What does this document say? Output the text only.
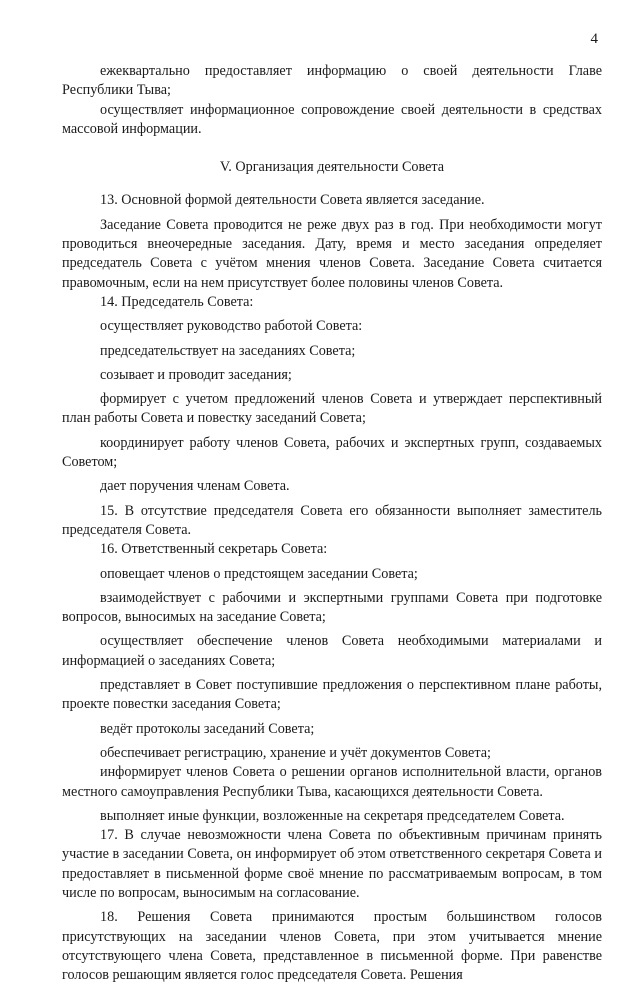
4

ежеквартально предоставляет информацию о своей деятельности Главе Республики Тыва;

осуществляет информационное сопровождение своей деятельности в средствах массовой информации.

V. Организация деятельности Совета

13. Основной формой деятельности Совета является заседание.

Заседание Совета проводится не реже двух раз в год. При необходимости могут проводиться внеочередные заседания. Дату, время и место заседания определяет председатель Совета с учётом мнения членов Совета. Заседание Совета считается правомочным, если на нем присутствует более половины членов Совета.

14. Председатель Совета:

осуществляет руководство работой Совета:

председательствует на заседаниях Совета;

созывает и проводит заседания;

формирует с учетом предложений членов Совета и утверждает перспективный план работы Совета и повестку заседаний Совета;

координирует работу членов Совета, рабочих и экспертных групп, создаваемых Советом;

дает поручения членам Совета.

15. В отсутствие председателя Совета его обязанности выполняет заместитель председателя Совета.

16. Ответственный секретарь Совета:

оповещает членов о предстоящем заседании Совета;

взаимодействует с рабочими и экспертными группами Совета при подготовке вопросов, выносимых на заседание Совета;

осуществляет обеспечение членов Совета необходимыми материалами и информацией о заседаниях Совета;

представляет в Совет поступившие предложения о перспективном плане работы, проекте повестки заседания Совета;

ведёт протоколы заседаний Совета;

обеспечивает регистрацию, хранение и учёт документов Совета;

информирует членов Совета о решении органов исполнительной власти, органов местного самоуправления Республики Тыва, касающихся деятельности Совета.

выполняет иные функции, возложенные на секретаря председателем Совета.

17. В случае невозможности члена Совета по объективным причинам принять участие в заседании Совета, он информирует об этом ответственного секретаря Совета и предоставляет в письменной форме своё мнение по рассматриваемым вопросам, в том числе по вопросам, выносимым на согласование.

18. Решения Совета принимаются простым большинством голосов присутствующих на заседании членов Совета, при этом учитывается мнение отсутствующего члена Совета, представленное в письменной форме. При равенстве голосов решающим является голос председателя Совета. Решения
